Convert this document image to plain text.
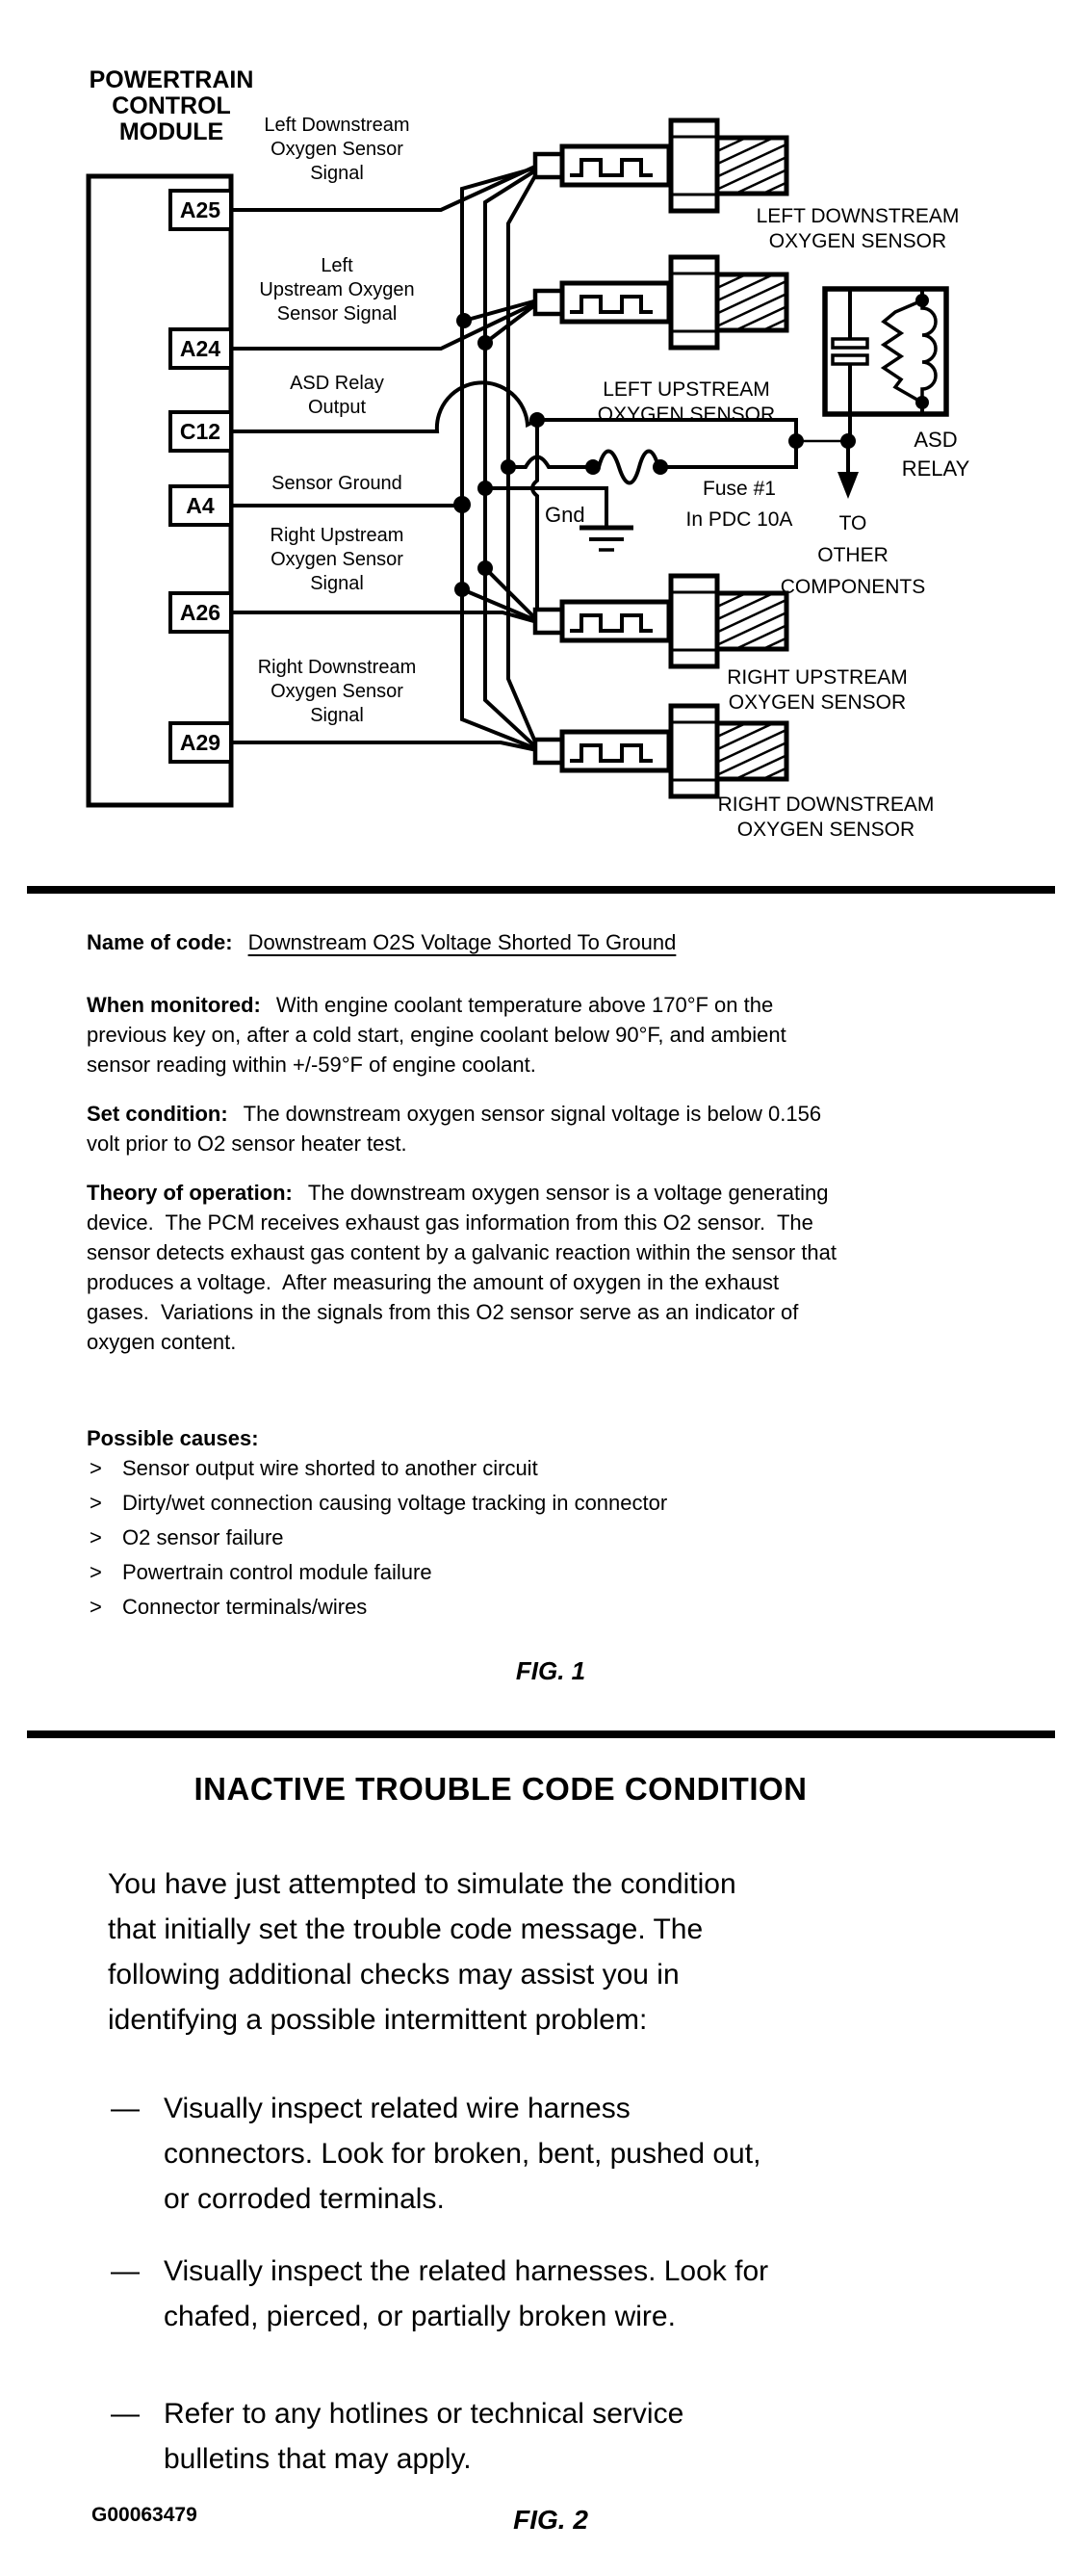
POWERTRAIN
CONTROL
MODULE
A25
A24
C12
A4
A26
A29
Left Downstream
Oxygen Sensor
Signal
Left
Upstream Oxygen
Sensor Signal
ASD Relay
Output
Sensor Ground
Right Upstream
Oxygen Sensor
Signal
Right Downstream
Oxygen Sensor
Signal
LEFT DOWNSTREAM
OXYGEN SENSOR
LEFT UPSTREAM
OXYGEN SENSOR
RIGHT UPSTREAM
OXYGEN SENSOR
RIGHT DOWNSTREAM
OXYGEN SENSOR
ASD
RELAY
Fuse #1
In PDC 10A
Gnd	TO
OTHER
COMPONENTS
Name of code: Downstream O2S Voltage Shorted To Ground
When monitored: With engine coolant temperature above 170°F on the
previous key on, after a cold start, engine coolant below 90°F, and ambient
sensor reading within +/-59°F of engine coolant.
Set condition: The downstream oxygen sensor signal voltage is below 0.156
volt prior to O2 sensor heater test.
Theory of operation: The downstream oxygen sensor is a voltage generating
device.  The PCM receives exhaust gas information from this O2 sensor.  The
sensor detects exhaust gas content by a galvanic reaction within the sensor that
produces a voltage.  After measuring the amount of oxygen in the exhaust
gases.  Variations in the signals from this O2 sensor serve as an indicator of
oxygen content.
Possible causes:
> Sensor output wire shorted to another circuit
> Dirty/wet connection causing voltage tracking in connector
> O2 sensor failure
> Powertrain control module failure
> Connector terminals/wires
FIG. 1
INACTIVE TROUBLE CODE CONDITION
You have just attempted to simulate the condition
that initially set the trouble code message. The
following additional checks may assist you in
identifying a possible intermittent problem:
— Visually inspect related wire harness
connectors. Look for broken, bent, pushed out,
or corroded terminals.
— Visually inspect the related harnesses. Look for
chafed, pierced, or partially broken wire.
— Refer to any hotlines or technical service
bulletins that may apply.
G00063479	FIG. 2
